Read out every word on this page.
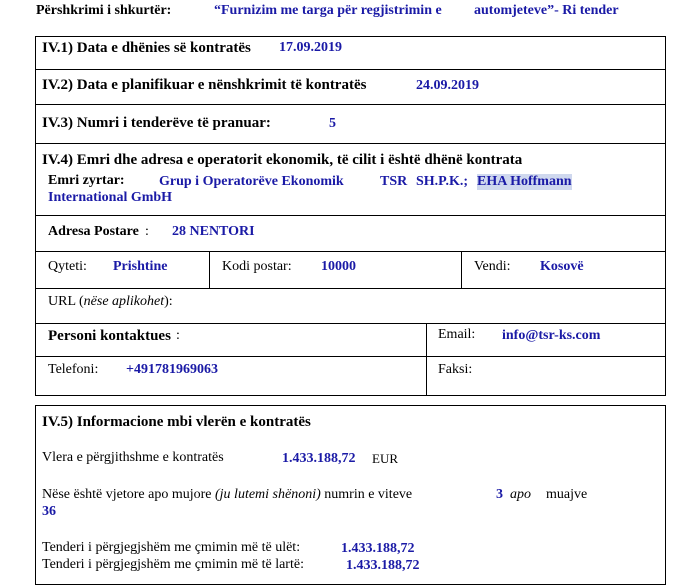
Përshkrimi i shkurtër:	“Furnizim me targa për regjistrimin e automjeteve”- Ri tender
IV.1) Data e dhënies së kontratës 17.09.2019
IV.2) Data e planifikuar e nënshkrimit të kontratës	24.09.2019
IV.3) Numri i tenderëve të pranuar:	5
IV.4) Emri dhe adresa e operatorit ekonomik, të cilit i është dhënë kontrata
Emri zyrtar: Grup i Operatorëve Ekonomik	TSR SH.P.K.; EHA Hoffmann
International GmbH
Adresa Postare : 28 NENTORI
Qyteti: Prishtine	Kodi postar: 10000	Vendi: Kosovë
URL (nëse aplikohet):
Personi kontaktues :	Email: info@tsr-ks.com
Telefoni: +491781969063	Faksi:
IV.5) Informacione mbi vlerën e kontratës
Vlera e përgjithshme e kontratës	1.433.188,72 EUR
Nëse është vjetore apo mujore (ju lutemi shënoni) numrin e viteve	3 apo muajve
36
Tenderi i përgjegjshëm me çmimin më të ulët:	1.433.188,72
Tenderi i përgjegjshëm me çmimin më të lartë:	1.433.188,72
